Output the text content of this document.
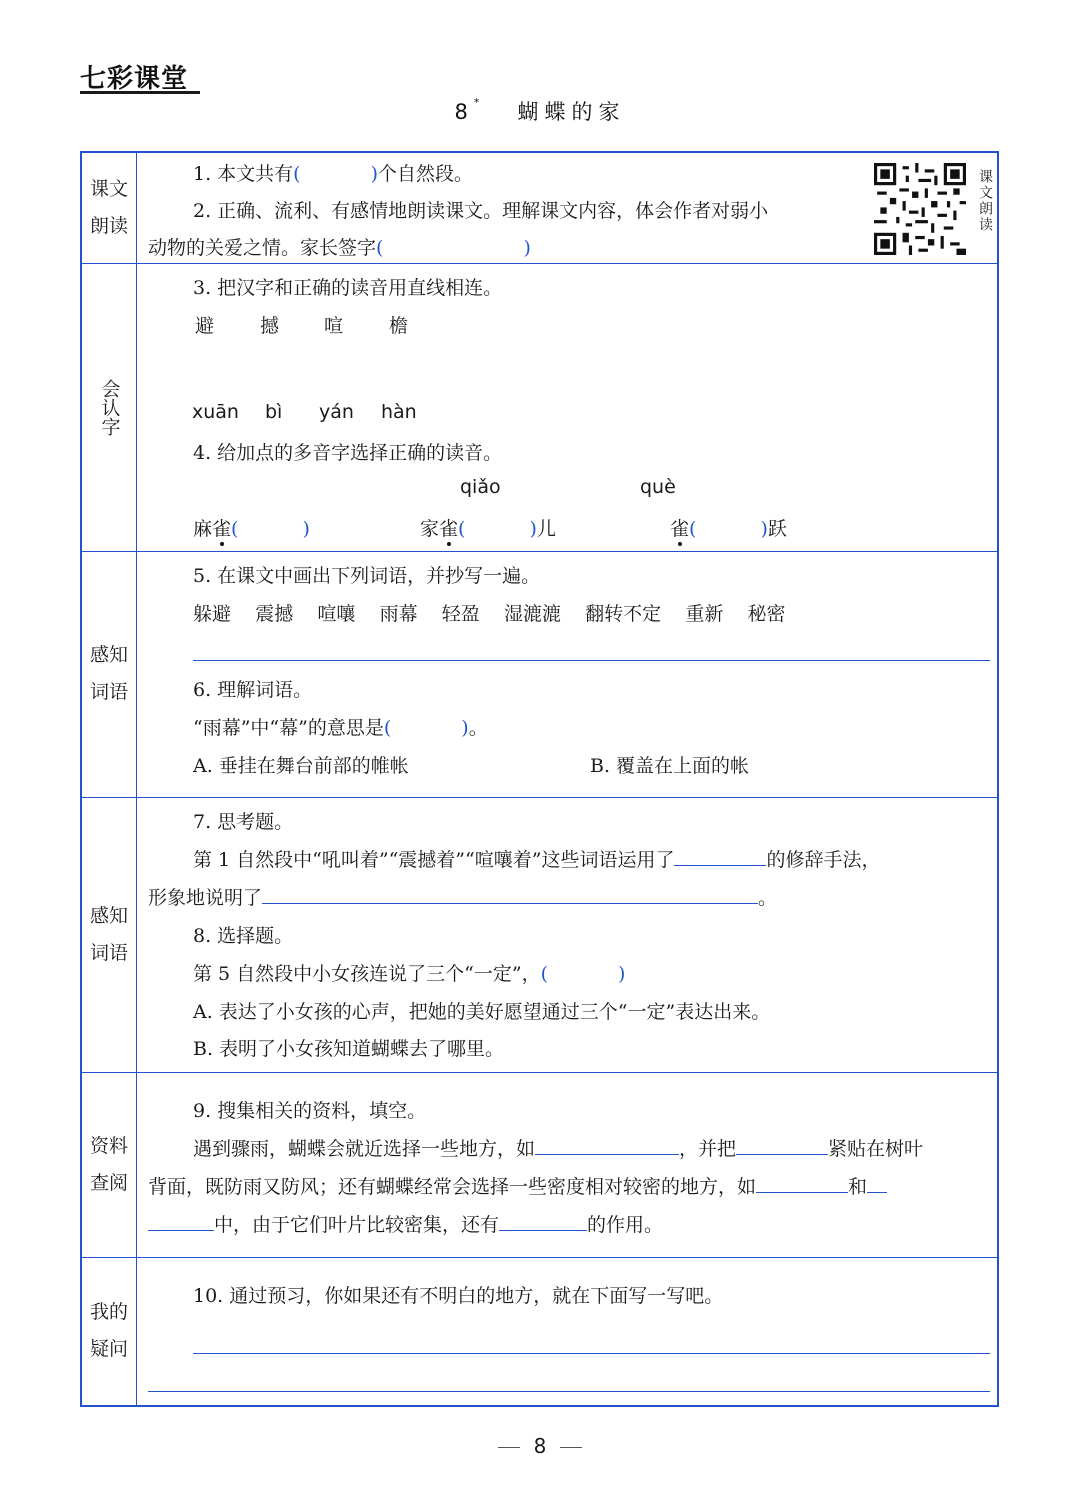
七彩课堂
8* 蝴蝶的家
课文朗读
1. 本文共有(	)个自然段。
2. 正确、流利、有感情地朗读课文。理解课文内容，体会作者对弱小
动物的关爱之情。家长签字(	)
课文朗读
会认字
3. 把汉字和正确的读音用直线相连。
避 撼 喧 檐
xuān bì yán hàn
4. 给加点的多音字选择正确的读音。
qiǎo	què
麻雀(	)	家雀(	)儿	雀(	)跃
感知词语
5. 在课文中画出下列词语，并抄写一遍。
躲避 震撼 喧嚷 雨幕 轻盈 湿漉漉 翻转不定 重新 秘密
6. 理解词语。
“雨幕”中“幕”的意思是(	)。
A. 垂挂在舞台前部的帷帐	B. 覆盖在上面的帐
感知词语
7. 思考题。
第 1 自然段中“吼叫着”“震撼着”“喧嚷着”这些词语运用了	的修辞手法，
形象地说明了	。
8. 选择题。
第 5 自然段中小女孩连说了三个“一定”，(	)
A. 表达了小女孩的心声，把她的美好愿望通过三个“一定”表达出来。
B. 表明了小女孩知道蝴蝶去了哪里。
资料查阅
9. 搜集相关的资料，填空。
遇到骤雨，蝴蝶会就近选择一些地方，如	，并把	紧贴在树叶
背面，既防雨又防风；还有蝴蝶经常会选择一些密度相对较密的地方，如	和
中，由于它们叶片比较密集，还有	的作用。
我的疑问
10. 通过预习，你如果还有不明白的地方，就在下面写一写吧。
8
